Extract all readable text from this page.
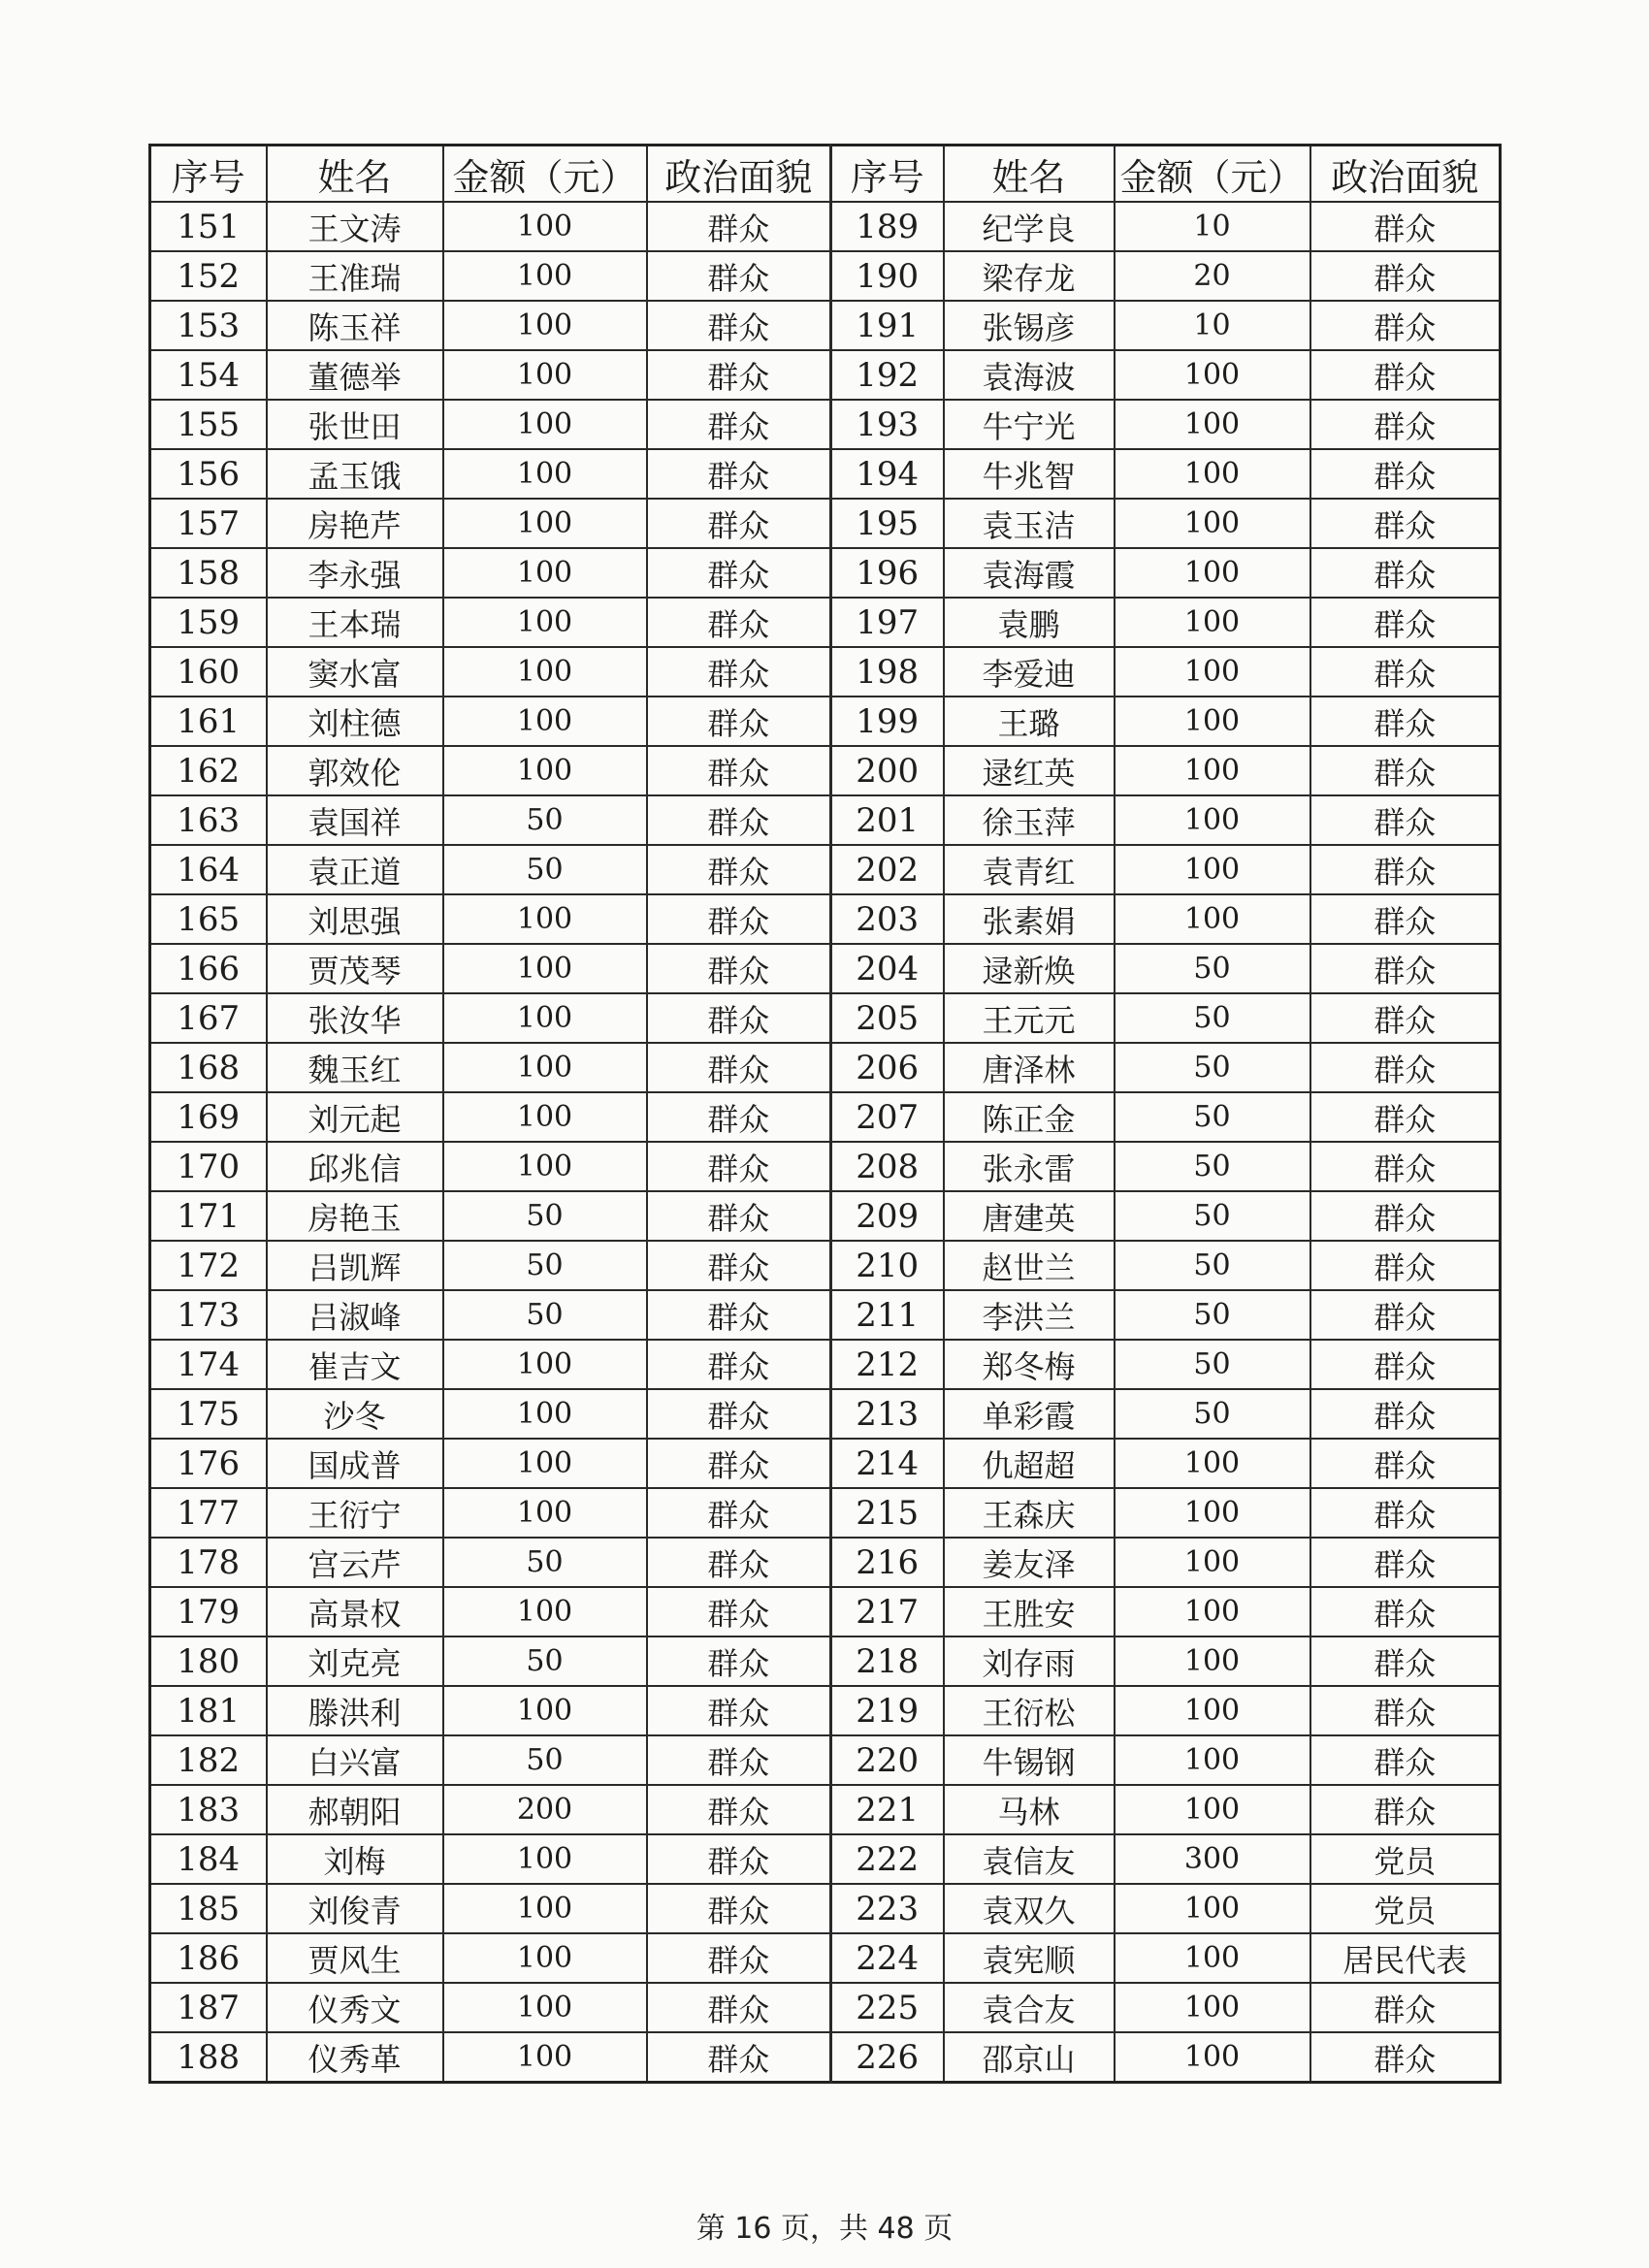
序号	姓名	金额（元）	政治面貌	序号	姓名	金额（元）	政治面貌
151	王文涛	100	群众	189	纪学良	10	群众
152	王准瑞	100	群众	190	梁存龙	20	群众
153	陈玉祥	100	群众	191	张锡彦	10	群众
154	董德举	100	群众	192	袁海波	100	群众
155	张世田	100	群众	193	牛宁光	100	群众
156	孟玉饿	100	群众	194	牛兆智	100	群众
157	房艳芹	100	群众	195	袁玉洁	100	群众
158	李永强	100	群众	196	袁海霞	100	群众
159	王本瑞	100	群众	197	袁鹏	100	群众
160	窦水富	100	群众	198	李爱迪	100	群众
161	刘柱德	100	群众	199	王璐	100	群众
162	郭效伦	100	群众	200	逯红英	100	群众
163	袁国祥	50	群众	201	徐玉萍	100	群众
164	袁正道	50	群众	202	袁青红	100	群众
165	刘思强	100	群众	203	张素娟	100	群众
166	贾茂琴	100	群众	204	逯新焕	50	群众
167	张汝华	100	群众	205	王元元	50	群众
168	魏玉红	100	群众	206	唐泽林	50	群众
169	刘元起	100	群众	207	陈正金	50	群众
170	邱兆信	100	群众	208	张永雷	50	群众
171	房艳玉	50	群众	209	唐建英	50	群众
172	吕凯辉	50	群众	210	赵世兰	50	群众
173	吕淑峰	50	群众	211	李洪兰	50	群众
174	崔吉文	100	群众	212	郑冬梅	50	群众
175	沙冬	100	群众	213	单彩霞	50	群众
176	国成普	100	群众	214	仇超超	100	群众
177	王衍宁	100	群众	215	王森庆	100	群众
178	宫云芹	50	群众	216	姜友泽	100	群众
179	高景权	100	群众	217	王胜安	100	群众
180	刘克亮	50	群众	218	刘存雨	100	群众
181	滕洪利	100	群众	219	王衍松	100	群众
182	白兴富	50	群众	220	牛锡钢	100	群众
183	郝朝阳	200	群众	221	马林	100	群众
184	刘梅	100	群众	222	袁信友	300	党员
185	刘俊青	100	群众	223	袁双久	100	党员
186	贾风生	100	群众	224	袁宪顺	100	居民代表
187	仪秀文	100	群众	225	袁合友	100	群众
188	仪秀革	100	群众	226	邵京山	100	群众
第 16 页，共 48 页
